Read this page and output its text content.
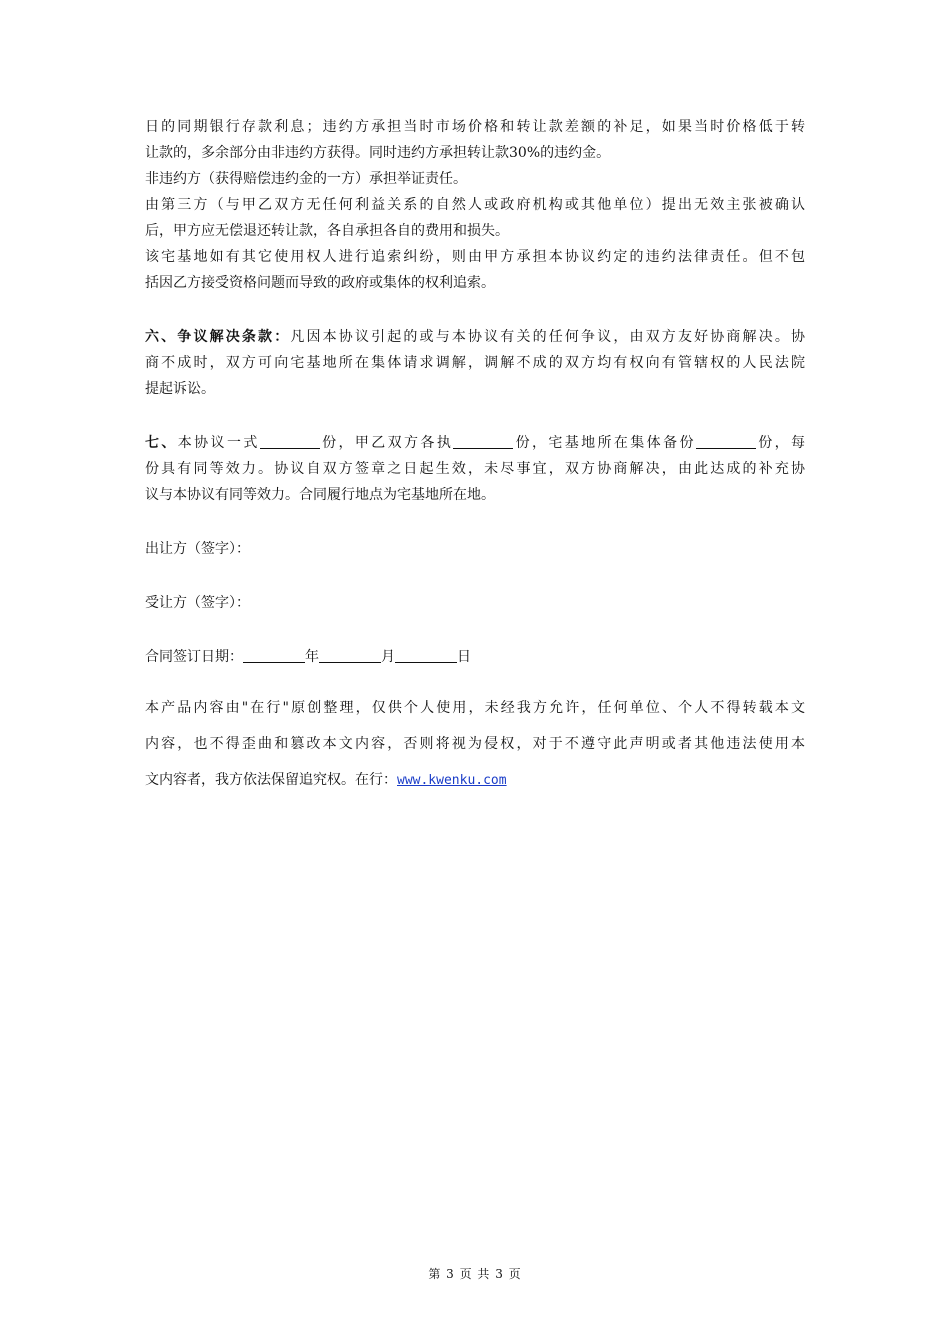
日的同期银行存款利息；违约方承担当时市场价格和转让款差额的补足，如果当时价格低于转
让款的，多余部分由非违约方获得。同时违约方承担转让款30%的违约金。
非违约方（获得赔偿违约金的一方）承担举证责任。
由第三方（与甲乙双方无任何利益关系的自然人或政府机构或其他单位）提出无效主张被确认
后，甲方应无偿退还转让款，各自承担各自的费用和损失。
该宅基地如有其它使用权人进行追索纠纷，则由甲方承担本协议约定的违约法律责任。但不包
括因乙方接受资格问题而导致的政府或集体的权利追索。
六、争议解决条款：凡因本协议引起的或与本协议有关的任何争议，由双方友好协商解决。协
商不成时，双方可向宅基地所在集体请求调解，调解不成的双方均有权向有管辖权的人民法院
提起诉讼。
七、本协议一式	份，甲乙双方各执	份，宅基地所在集体备份	份，每
份具有同等效力。协议自双方签章之日起生效，未尽事宜，双方协商解决，由此达成的补充协
议与本协议有同等效力。合同履行地点为宅基地所在地。
出让方（签字）：
受让方（签字）：
合同签订日期：	年	月	日
本产品内容由"在行"原创整理，仅供个人使用，未经我方允许，任何单位、个人不得转载本文
内容，也不得歪曲和篡改本文内容，否则将视为侵权，对于不遵守此声明或者其他违法使用本
文内容者，我方依法保留追究权。在行：www.kwenku.com
第 3 页 共 3 页
